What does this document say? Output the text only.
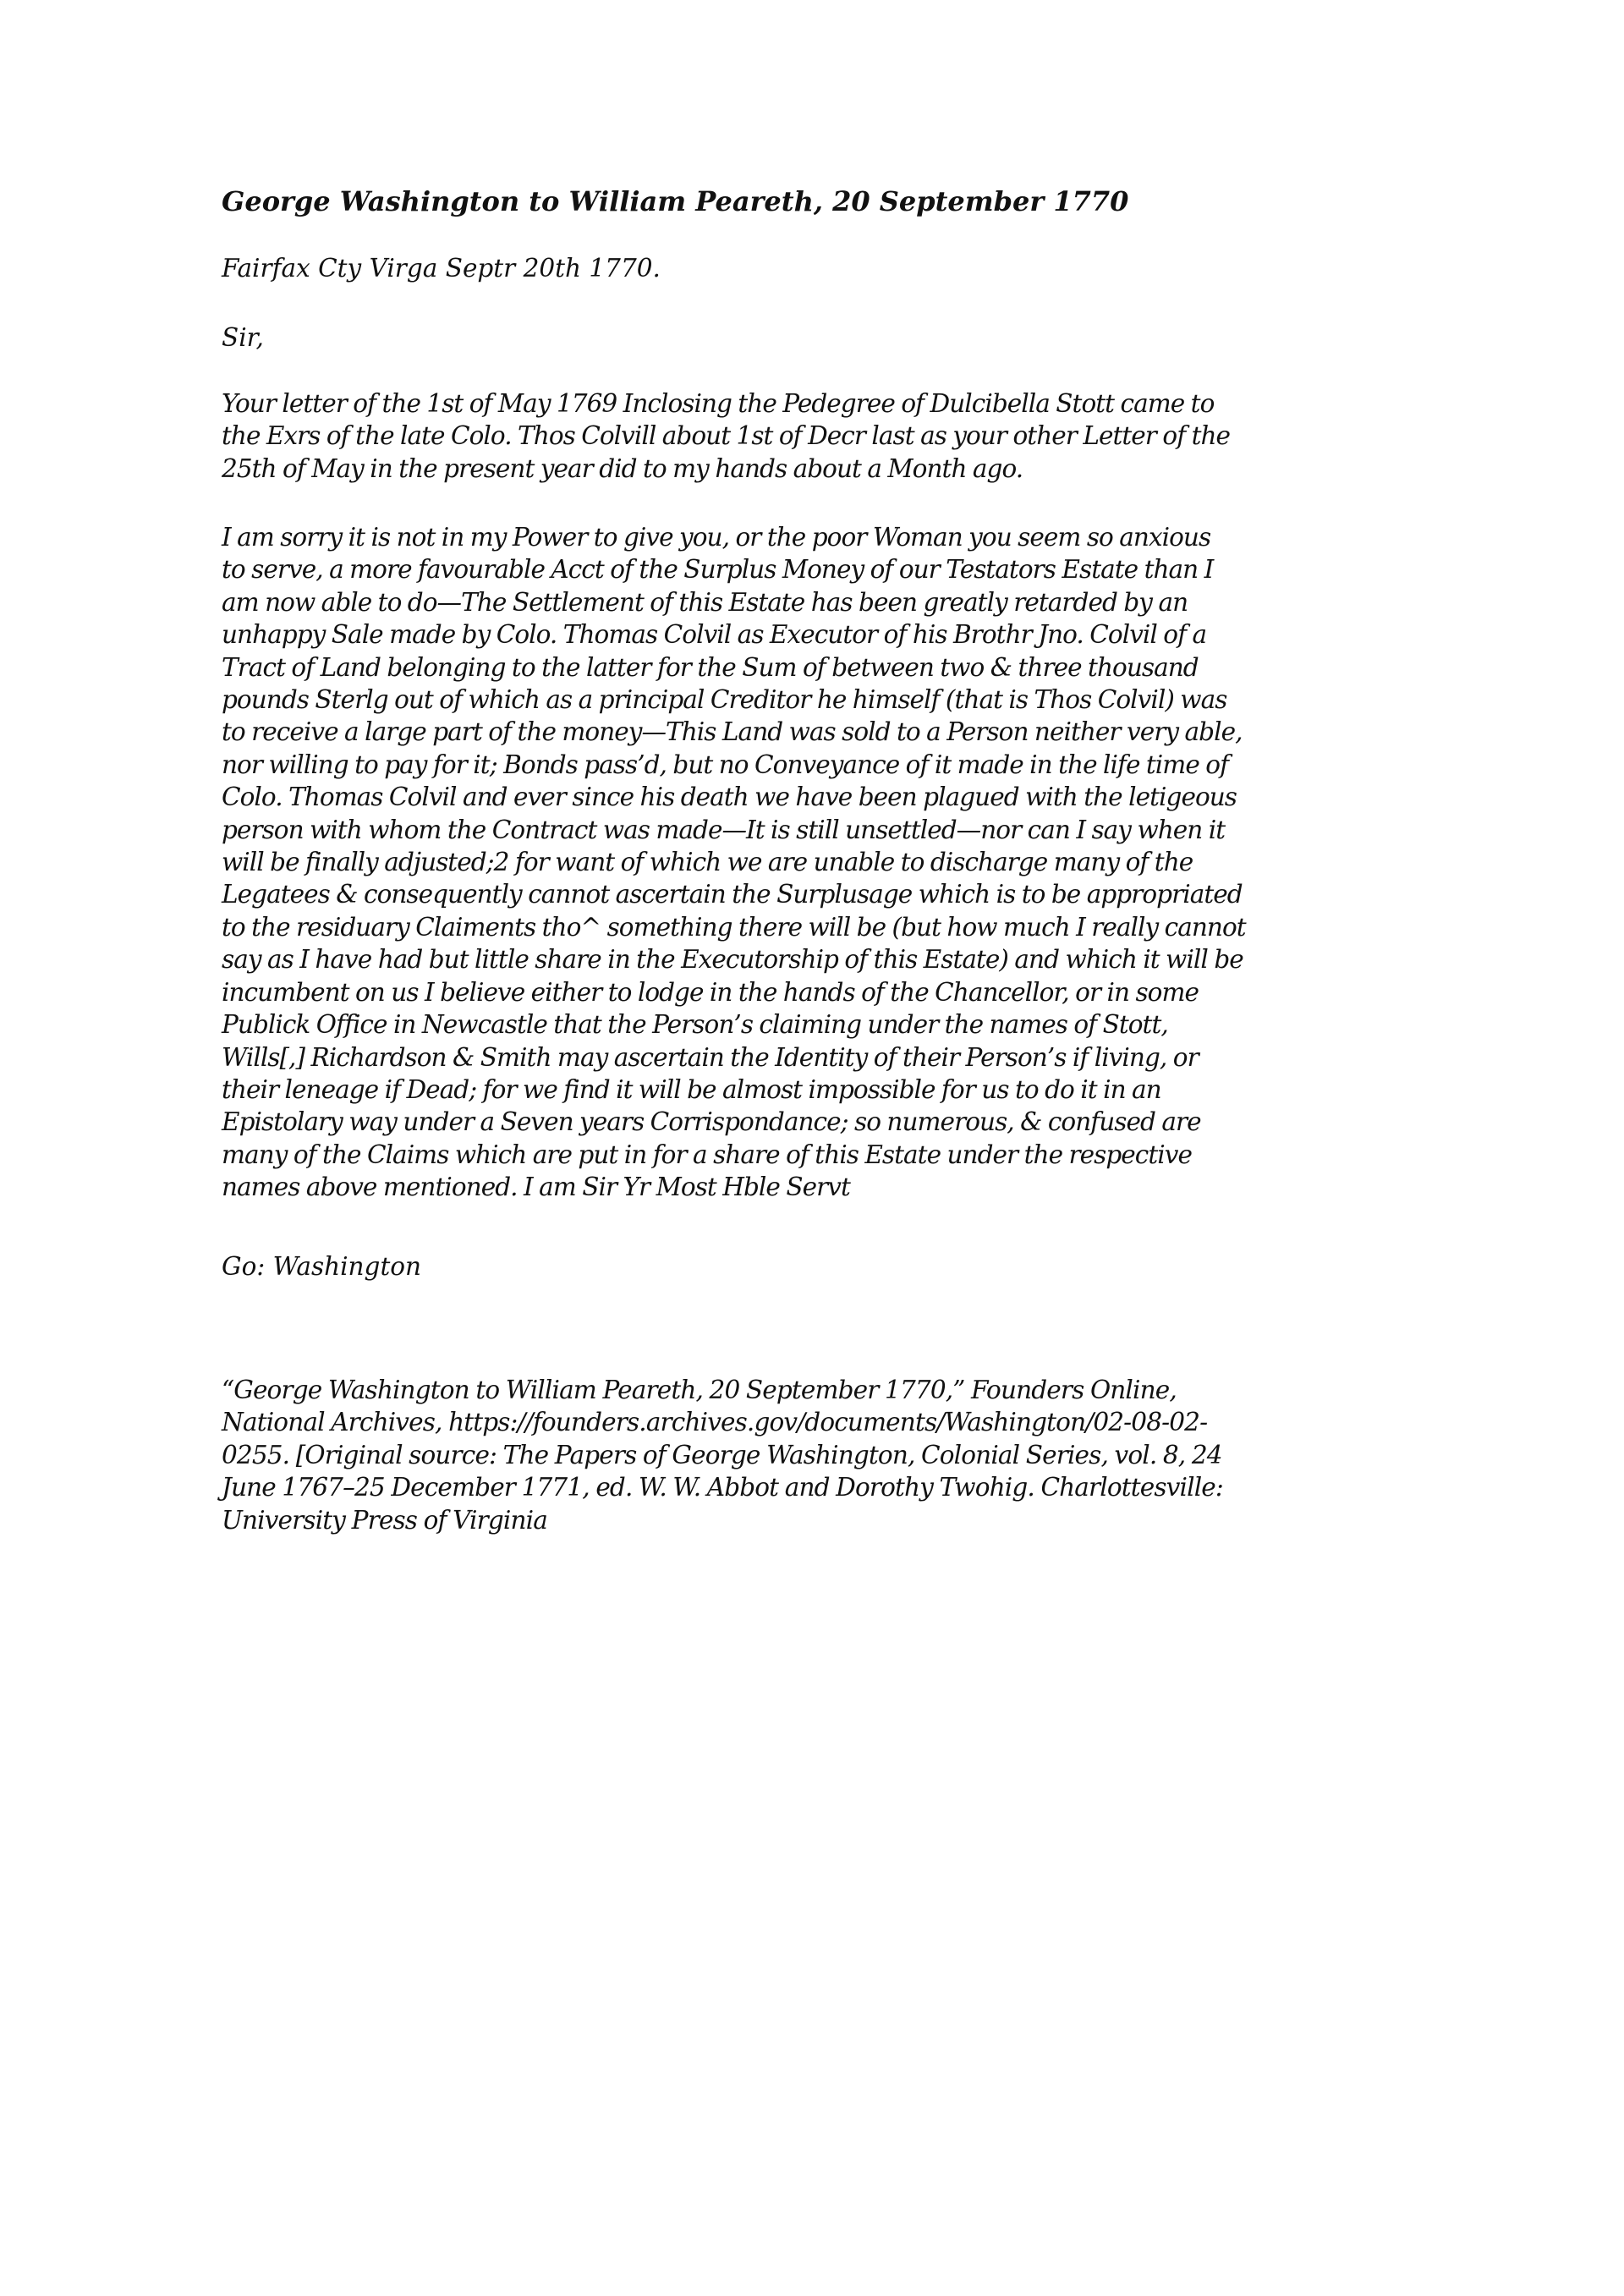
George Washington to William Peareth, 20 September 1770

Fairfax Cty Virga Septr 20th 1770.

Sir,

Your letter of the 1st of May 1769 Inclosing the Pedegree of Dulcibella Stott came to
the Exrs of the late Colo. Thos Colvill about 1st of Decr last as your other Letter of the
25th of May in the present year did to my hands about a Month ago.
I am sorry it is not in my Power to give you, or the poor Woman you seem so anxious
to serve, a more favourable Acct of the Surplus Money of our Testators Estate than I
am now able to do—The Settlement of this Estate has been greatly retarded by an
unhappy Sale made by Colo. Thomas Colvil as Executor of his Brothr Jno. Colvil of a
Tract of Land belonging to the latter for the Sum of between two & three thousand
pounds Sterlg out of which as a principal Creditor he himself (that is Thos Colvil) was
to receive a large part of the money—This Land was sold to a Person neither very able,
nor willing to pay for it; Bonds pass’d, but no Conveyance of it made in the life time of
Colo. Thomas Colvil and ever since his death we have been plagued with the letigeous
person with whom the Contract was made—It is still unsettled—nor can I say when it
will be finally adjusted;2 for want of which we are unable to discharge many of the
Legatees & consequently cannot ascertain the Surplusage which is to be appropriated
to the residuary Claiments tho^ something there will be (but how much I really cannot
say as I have had but little share in the Executorship of this Estate) and which it will be
incumbent on us I believe either to lodge in the hands of the Chancellor, or in some
Publick Office in Newcastle that the Person’s claiming under the names of Stott,
Wills[,] Richardson & Smith may ascertain the Identity of their Person’s if living, or
their leneage if Dead; for we find it will be almost impossible for us to do it in an
Epistolary way under a Seven years Corrispondance; so numerous, & confused are
many of the Claims which are put in for a share of this Estate under the respective
names above mentioned. I am Sir Yr Most Hble Servt

Go: Washington

“George Washington to William Peareth, 20 September 1770,” Founders Online,
National Archives, https://founders.archives.gov/documents/Washington/02-08-02-
0255. [Original source: The Papers of George Washington, Colonial Series, vol. 8, 24
June 1767–25 December 1771, ed. W. W. Abbot and Dorothy Twohig. Charlottesville:
University Press of Virginia
